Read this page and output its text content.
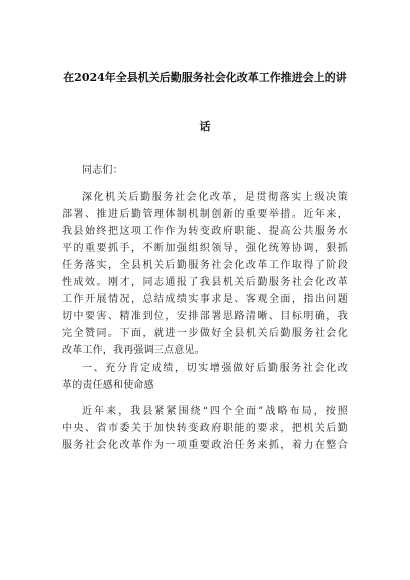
在2024年全县机关后勤服务社会化改革工作推进会上的讲
话
同志们：
深化机关后勤服务社会化改革，是贯彻落实上级决策
部署、推进后勤管理体制机制创新的重要举措。近年来，
我县始终把这项工作作为转变政府职能、提高公共服务水
平的重要抓手，不断加强组织领导，强化统筹协调，狠抓
任务落实，全县机关后勤服务社会化改革工作取得了阶段
性成效。刚才，同志通报了我县机关后勤服务社会化改革
工作开展情况，总结成绩实事求是、客观全面，指出问题
切中要害、精准到位，安排部署思路清晰、目标明确，我
完全赞同。下面，就进一步做好全县机关后勤服务社会化
改革工作，我再强调三点意见。
一、充分肯定成绩，切实增强做好后勤服务社会化改
革的责任感和使命感
近年来，我县紧紧围绕“四个全面”战略布局，按照
中央、省市委关于加快转变政府职能的要求，把机关后勤
服务社会化改革作为一项重要政治任务来抓，着力在整合
